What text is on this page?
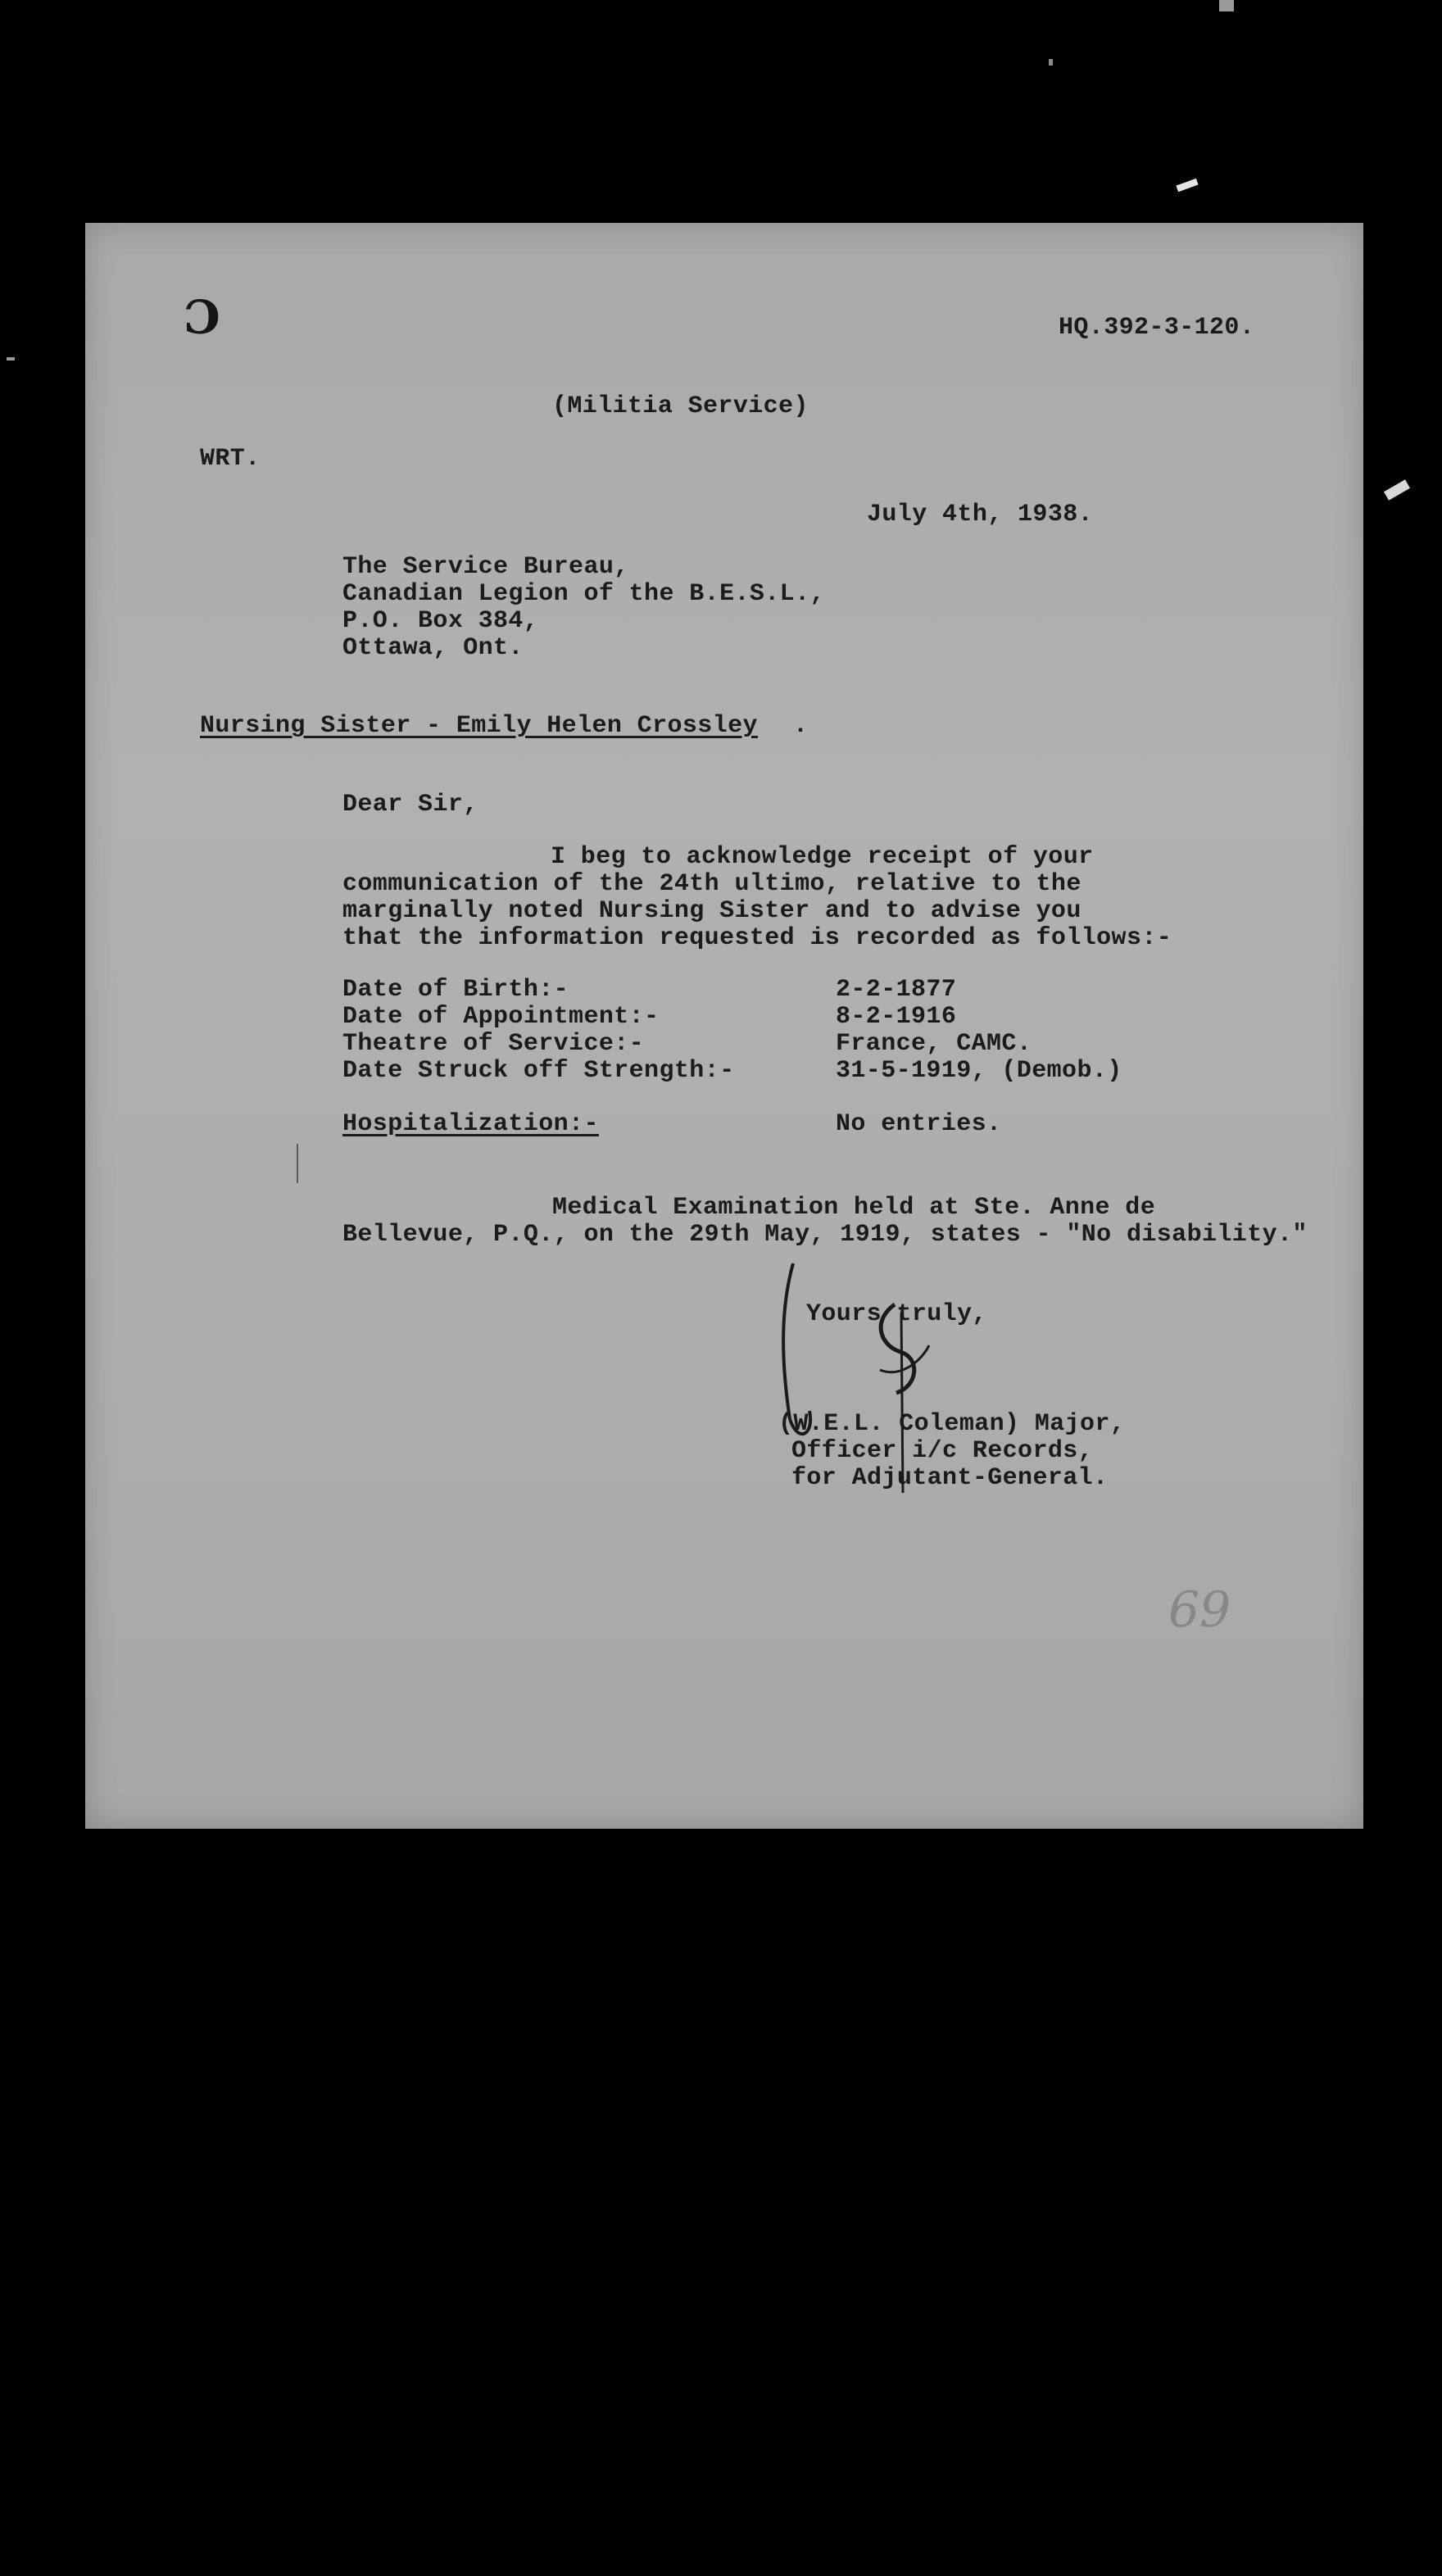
C	HQ.392-3-120.
(Militia Service)
WRT.
July 4th, 1938.
The Service Bureau,
Canadian Legion of the B.E.S.L.,
P.O. Box 384,
Ottawa, Ont.
Nursing Sister - Emily Helen Crossley .
Dear Sir,
I beg to acknowledge receipt of your
communication of the 24th ultimo, relative to the
marginally noted Nursing Sister and to advise you
that the information requested is recorded as follows:-
Date of Birth:-	2-2-1877
Date of Appointment:-	8-2-1916
Theatre of Service:-	France, CAMC.
Date Struck off Strength:-	31-5-1919, (Demob.)
Hospitalization:-	No entries.
Medical Examination held at Ste. Anne de
Bellevue, P.Q., on the 29th May, 1919, states - "No disability."
Yours truly,
(W.E.L. Coleman) Major,
Officer i/c Records,
for Adjutant-General.
69
